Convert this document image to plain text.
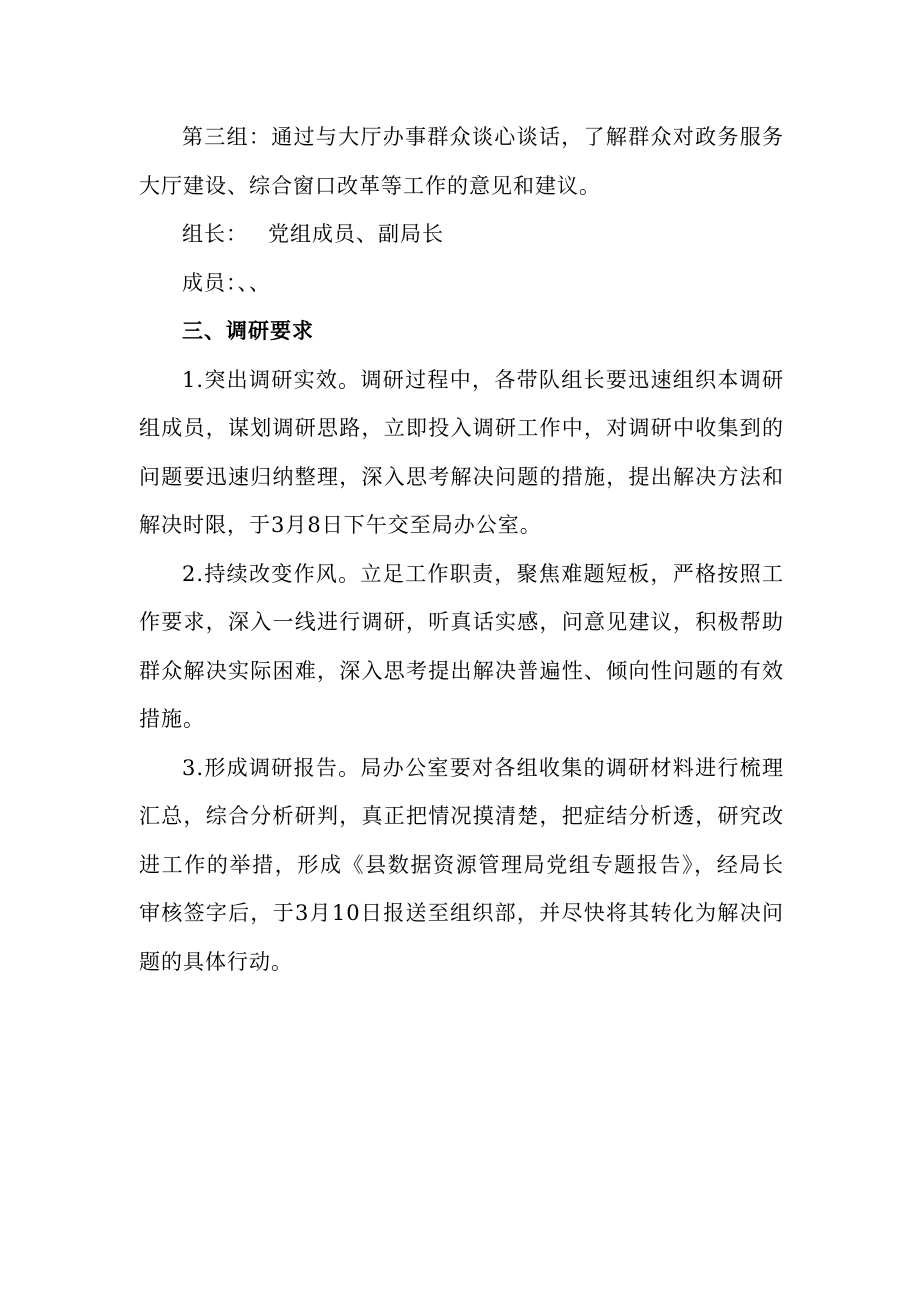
第三组：通过与大厅办事群众谈心谈话，了解群众对政务服务大厅建设、综合窗口改革等工作的意见和建议。

组长： 党组成员、副局长

成员：、、

三、调研要求

1.突出调研实效。调研过程中，各带队组长要迅速组织本调研组成员，谋划调研思路，立即投入调研工作中，对调研中收集到的问题要迅速归纳整理，深入思考解决问题的措施，提出解决方法和解决时限，于3月8日下午交至局办公室。

2.持续改变作风。立足工作职责，聚焦难题短板，严格按照工作要求，深入一线进行调研，听真话实感，问意见建议，积极帮助群众解决实际困难，深入思考提出解决普遍性、倾向性问题的有效措施。

3.形成调研报告。局办公室要对各组收集的调研材料进行梳理汇总，综合分析研判，真正把情况摸清楚，把症结分析透，研究改进工作的举措，形成《县数据资源管理局党组专题报告》，经局长审核签字后，于3月10日报送至组织部，并尽快将其转化为解决问题的具体行动。
